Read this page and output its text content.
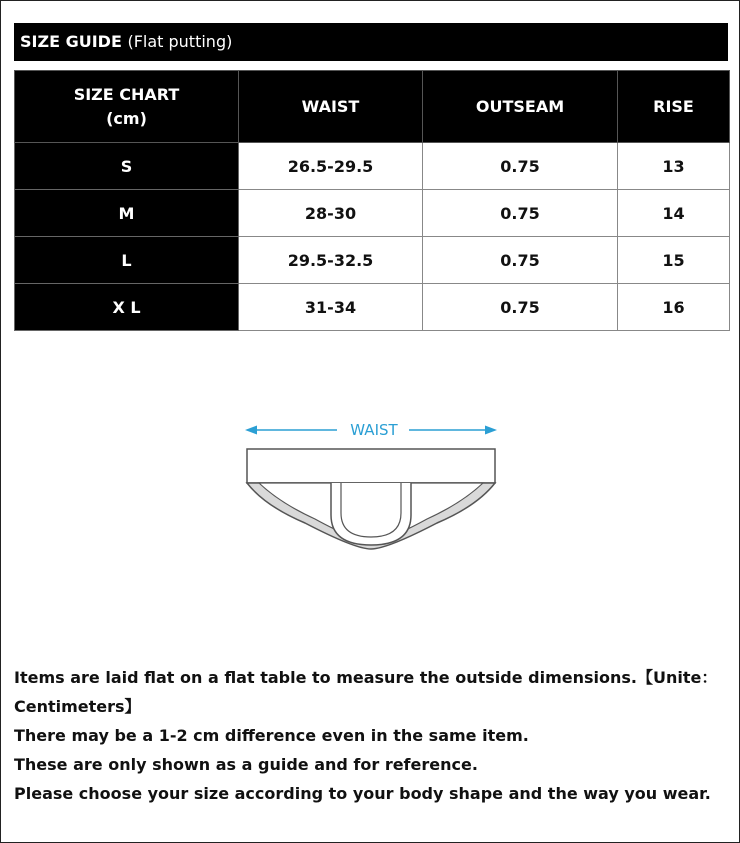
SIZE GUIDE (Flat putting)
SIZE CHART
(cm)	WAIST	OUTSEAM	RISE
S	26.5-29.5	0.75	13
M	28-30	0.75	14
L	29.5-32.5	0.75	15
X L	31-34	0.75	16
WAIST

Items are laid flat on a flat table to measure the outside dimensions.【Unite：Centimeters】

There may be a 1-2 cm difference even in the same item.

These are only shown as a guide and for reference.

Please choose your size according to your body shape and the way you wear.
